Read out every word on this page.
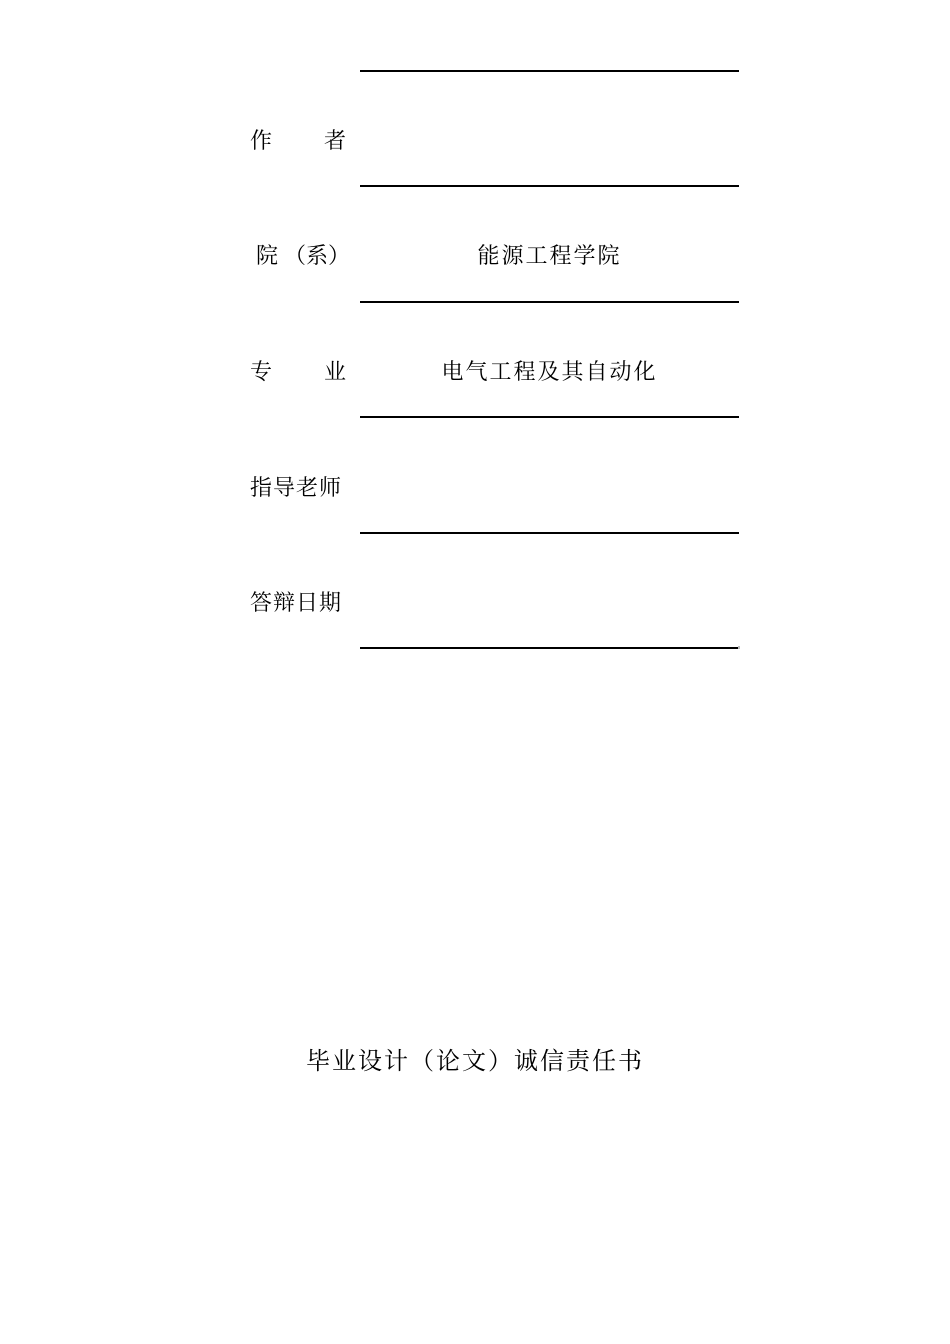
作 者
院 （系）	能源工程学院
专 业	电气工程及其自动化
指导老师
答辩日期
毕业设计（论文）诚信责任书
